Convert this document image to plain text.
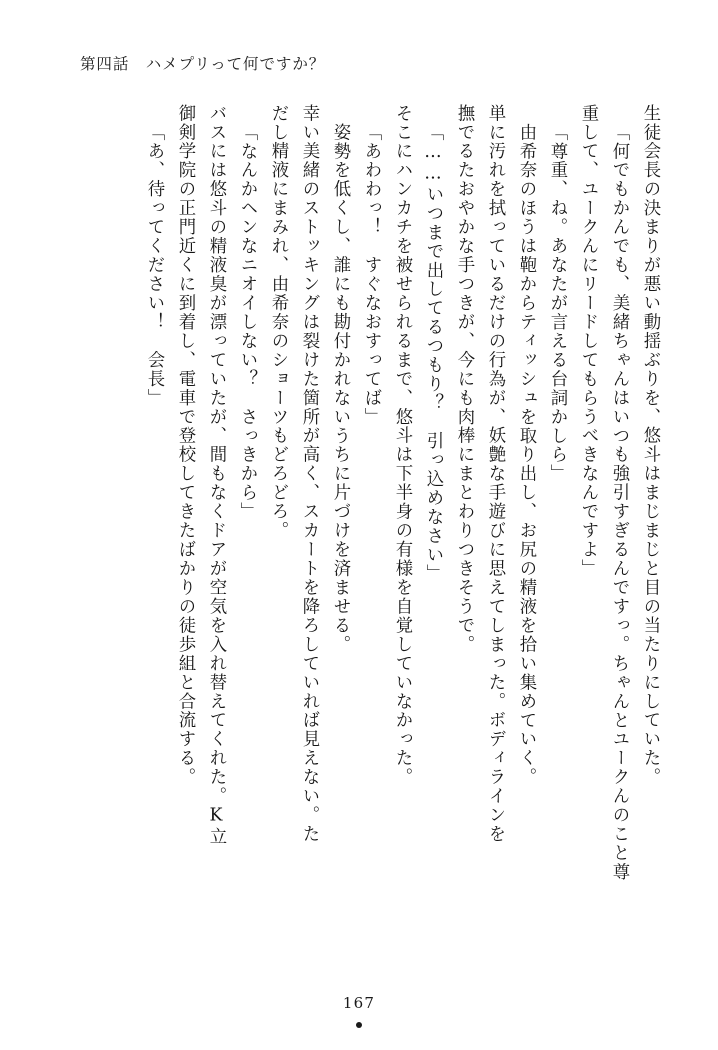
第四話　ハメプリって何ですか？
生徒会長の決まりが悪い動揺ぶりを、悠斗はまじまじと目の当たりにしていた。
「何でもかんでも、美緒ちゃんはいつも強引すぎるんですっ。ちゃんとユークんのこと尊
重して、ユークんにリードしてもらうべきなんですよ」
「尊重、ね。あなたが言える台詞かしら」
由希奈のほうは鞄からティッシュを取り出し、お尻の精液を拾い集めていく。
単に汚れを拭っているだけの行為が、妖艶な手遊びに思えてしまった。ボディラインを
撫でるたおやかな手つきが、今にも肉棒にまとわりつきそうで。
「……いつまで出してるつもり？　引っ込めなさい」
そこにハンカチを被せられるまで、悠斗は下半身の有様を自覚していなかった。
「あわわっ！　すぐなおすってば」
姿勢を低くし、誰にも勘付かれないうちに片づけを済ませる。
幸い美緒のストッキングは裂けた箇所が高く、スカートを降ろしていれば見えない。た
だし精液にまみれ、由希奈のショーツもどろどろ。
「なんかヘンなニオイしない？　さっきから」
バスには悠斗の精液臭が漂っていたが、間もなくドアが空気を入れ替えてくれた。K立
御剣学院の正門近くに到着し、電車で登校してきたばかりの徒歩組と合流する。
「あ、待ってください！　会長」
167
